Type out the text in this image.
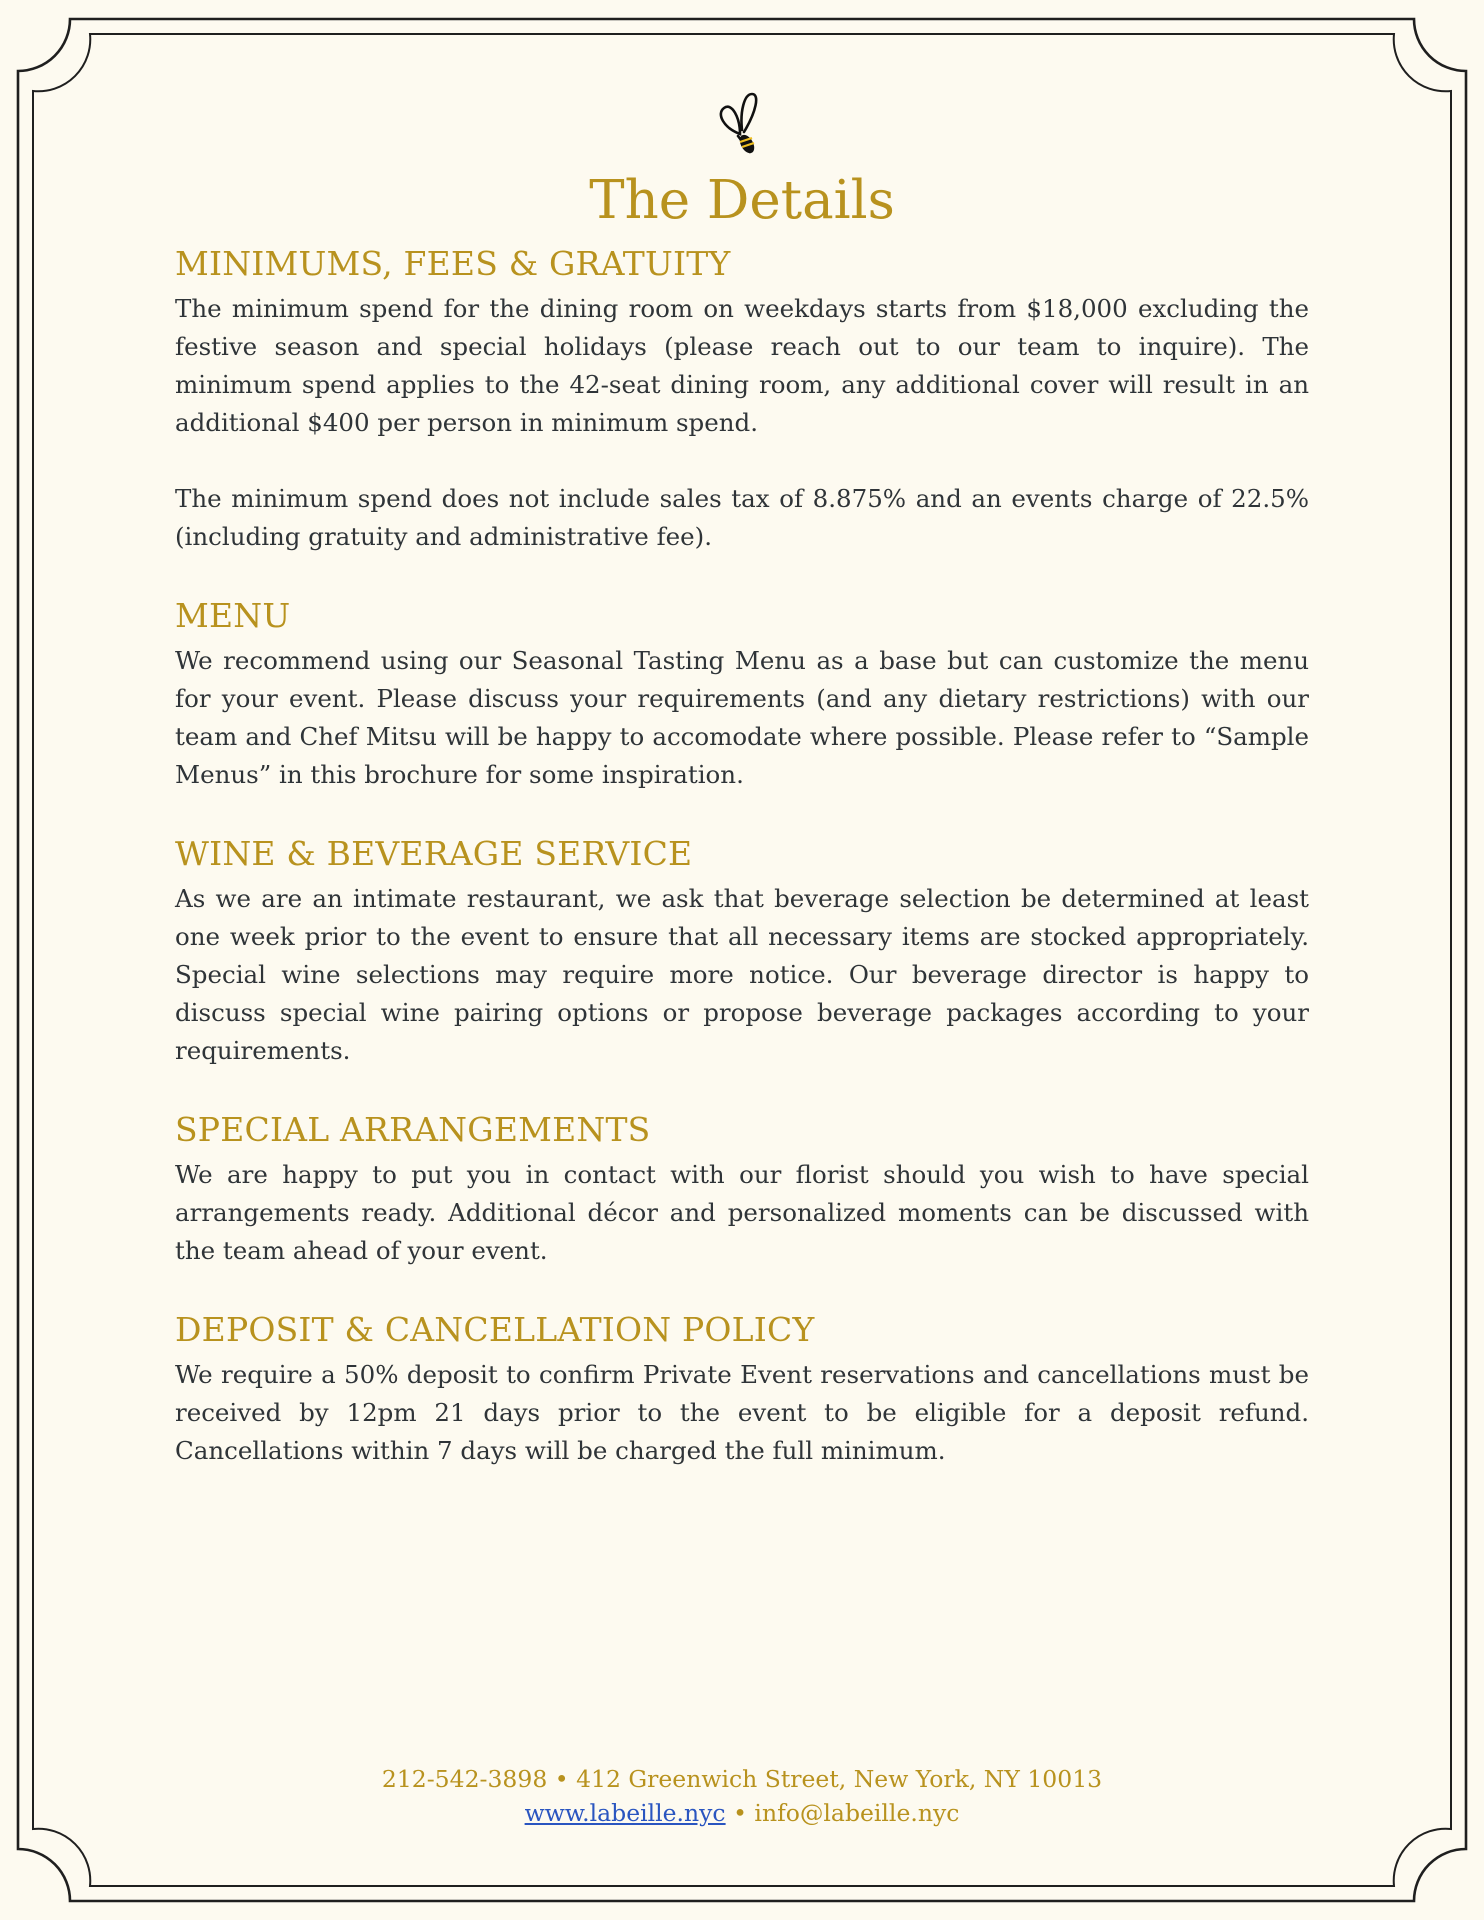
The Details
MINIMUMS, FEES & GRATUITY

The minimum spend for the dining room on weekdays starts from $18,000 excluding the festive season and special holidays (please reach out to our team to inquire). The minimum spend applies to the 42-seat dining room, any additional cover will result in an additional $400 per person in minimum spend.

The minimum spend does not include sales tax of 8.875% and an events charge of 22.5% (including gratuity and administrative fee).

MENU

We recommend using our Seasonal Tasting Menu as a base but can customize the menu for your event. Please discuss your requirements (and any dietary restrictions) with our team and Chef Mitsu will be happy to accomodate where possible. Please refer to “Sample Menus” in this brochure for some inspiration.

WINE & BEVERAGE SERVICE

As we are an intimate restaurant, we ask that beverage selection be determined at least one week prior to the event to ensure that all necessary items are stocked appropriately. Special wine selections may require more notice. Our beverage director is happy to discuss special wine pairing options or propose beverage packages according to your requirements.

SPECIAL ARRANGEMENTS

We are happy to put you in contact with our florist should you wish to have special arrangements ready. Additional décor and personalized moments can be discussed with the team ahead of your event.

DEPOSIT & CANCELLATION POLICY

We require a 50% deposit to confirm Private Event reservations and cancellations must be received by 12pm 21 days prior to the event to be eligible for a deposit refund. Cancellations within 7 days will be charged the full minimum.

212-542-3898 • 412 Greenwich Street, New York, NY 10013
www.labeille.nyc • info@labeille.nyc
